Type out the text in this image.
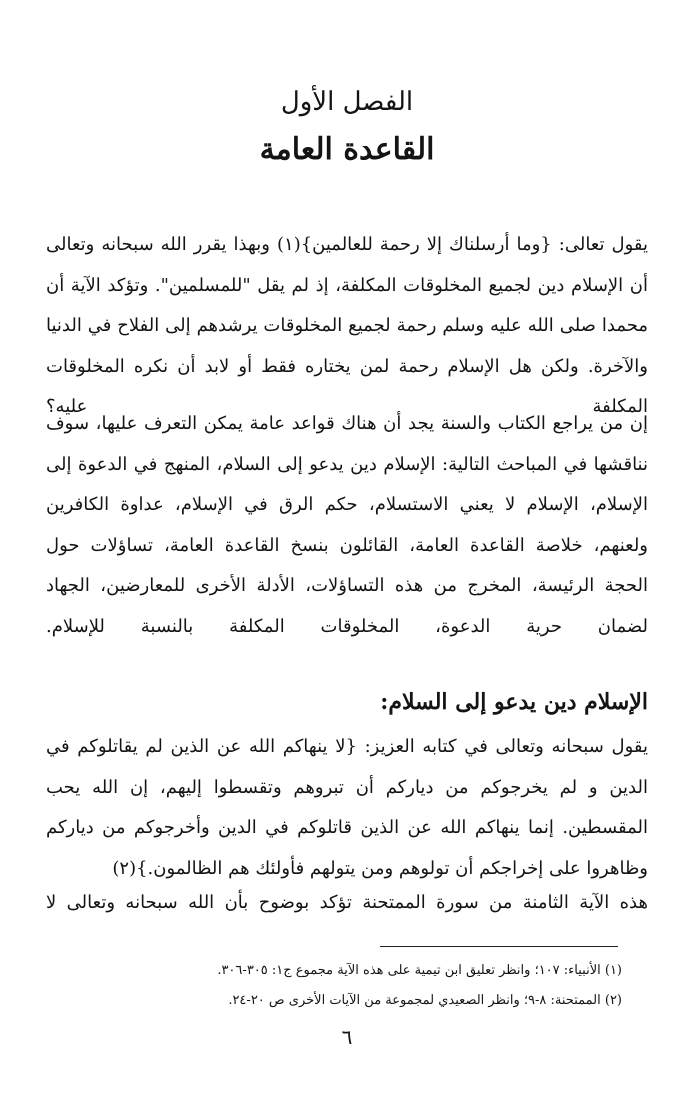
الفصل الأول
القاعدة العامة

يقول تعالى: {وما أرسلناك إلا رحمة للعالمين}(١) وبهذا يقرر الله سبحانه وتعالى أن الإسلام دين لجميع المخلوقات المكلفة، إذ لم يقل "للمسلمين". وتؤكد الآية أن محمدا صلى الله عليه وسلم رحمة لجميع المخلوقات يرشدهم إلى الفلاح في الدنيا والآخرة. ولكن هل الإسلام رحمة لمن يختاره فقط أو لابد أن نكره المخلوقات المكلفة عليه؟

إن من يراجع الكتاب والسنة يجد أن هناك قواعد عامة يمكن التعرف عليها، سوف نناقشها في المباحث التالية: الإسلام دين يدعو إلى السلام، المنهج في الدعوة إلى الإسلام، الإسلام لا يعني الاستسلام، حكم الرق في الإسلام، عداوة الكافرين ولعنهم، خلاصة القاعدة العامة، القائلون بنسخ القاعدة العامة، تساؤلات حول الحجة الرئيسة، المخرج من هذه التساؤلات، الأدلة الأخرى للمعارضين، الجهاد لضمان حرية الدعوة، المخلوقات المكلفة بالنسبة للإسلام.

الإسلام دين يدعو إلى السلام:

يقول سبحانه وتعالى في كتابه العزيز: {لا ينهاكم الله عن الذين لم يقاتلوكم في الدين و لم يخرجوكم من دياركم أن تبروهم وتقسطوا إليهم، إن الله يحب المقسطين. إنما ينهاكم الله عن الذين قاتلوكم في الدين وأخرجوكم من دياركم وظاهروا على إخراجكم أن تولوهم ومن يتولهم فأولئك هم الظالمون.}(٢)

هذه الآية الثامنة من سورة الممتحنة تؤكد بوضوح بأن الله سبحانه وتعالى لا

(١) الأنبياء: ١٠٧؛ وانظر تعليق ابن تيمية على هذه الآية مجموع ج١: ٣٠٥-٣٠٦.

(٢) الممتحنة: ٨-٩؛ وانظر الصعيدي لمجموعة من الآيات الأخرى ص ٢٠-٢٤.

٦
